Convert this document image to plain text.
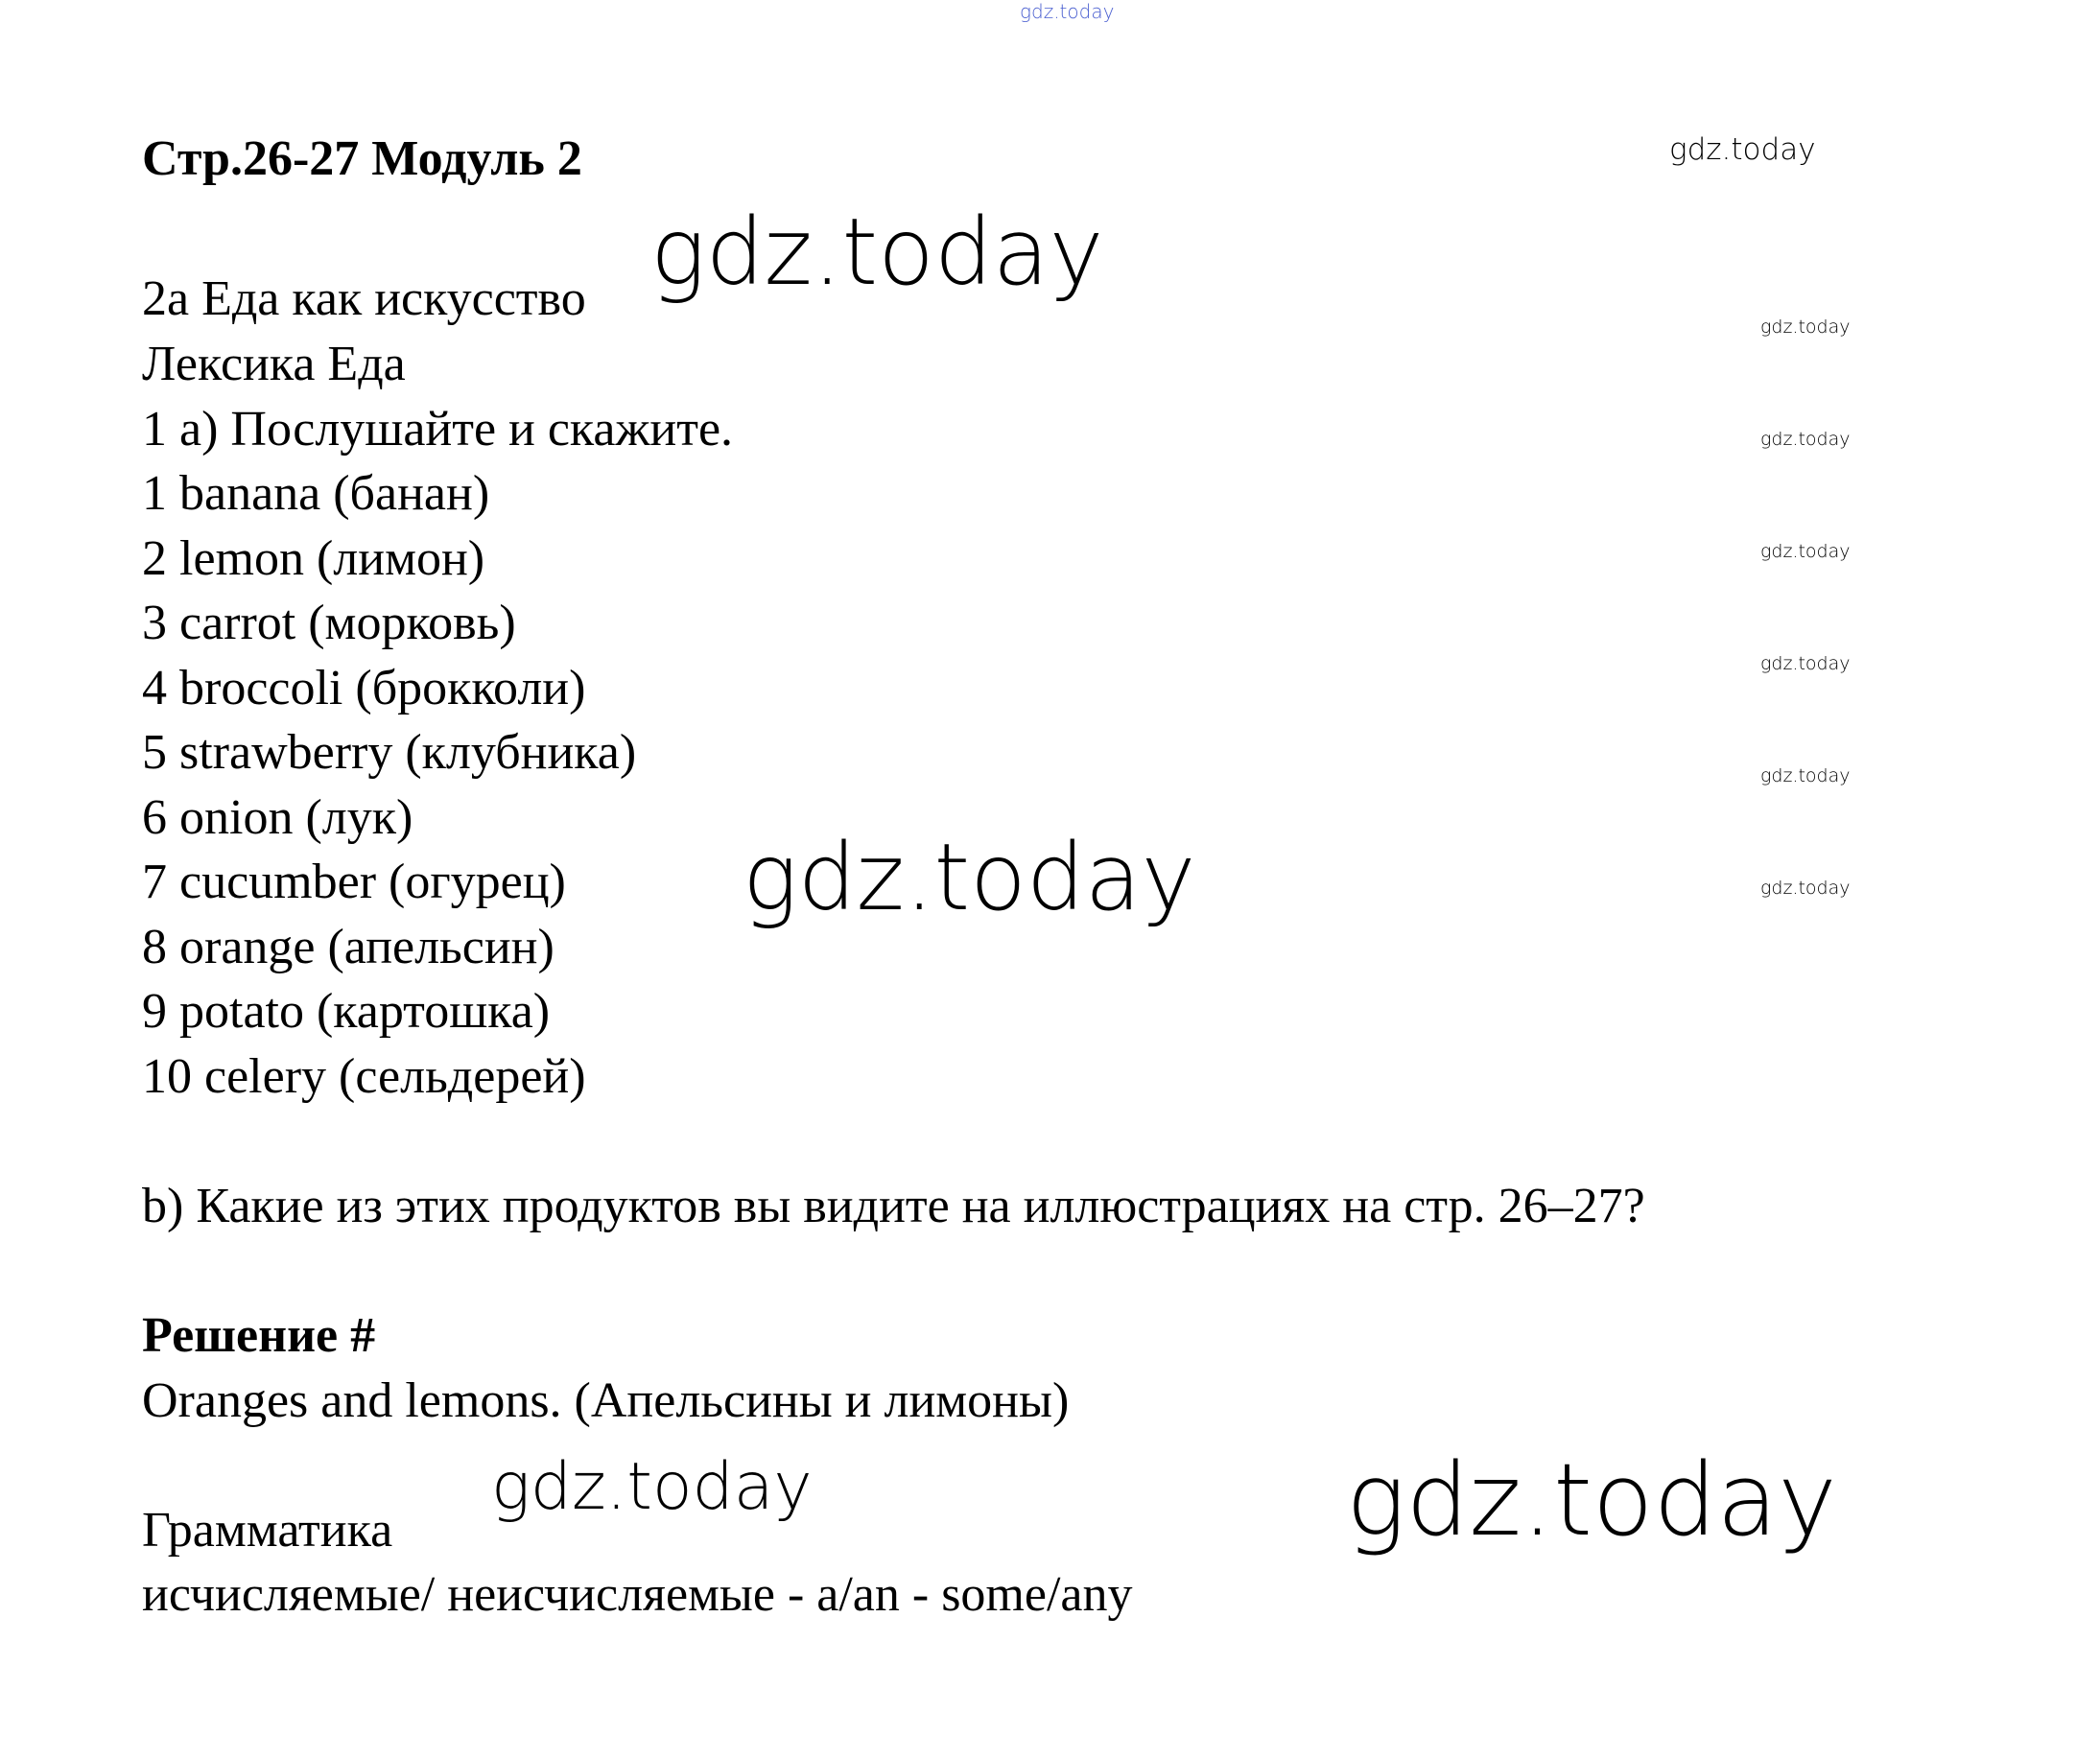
gdz.today
gdz.today
gdz.today
gdz.today
gdz.today
gdz.today
gdz.today
gdz.today
gdz.today
gdz.today
gdz.today	gdz.today
Стр.26-27 Модуль 2
2a Еда как искусство
Лексика Еда
1 a) Послушайте и скажите.
1 banana (банан)
2 lemon (лимон)
3 carrot (морковь)
4 broccoli (брокколи)
5 strawberry (клубника)
6 onion (лук)
7 cucumber (огурец)
8 orange (апельсин)
9 potato (картошка)
10 celery (сельдерей)
b) Какие из этих продуктов вы видите на иллюстрациях на стр. 26–27?
Решение #
Oranges and lemons. (Апельсины и лимоны)
Грамматика
исчисляемые/ неисчисляемые - a/an - some/any
